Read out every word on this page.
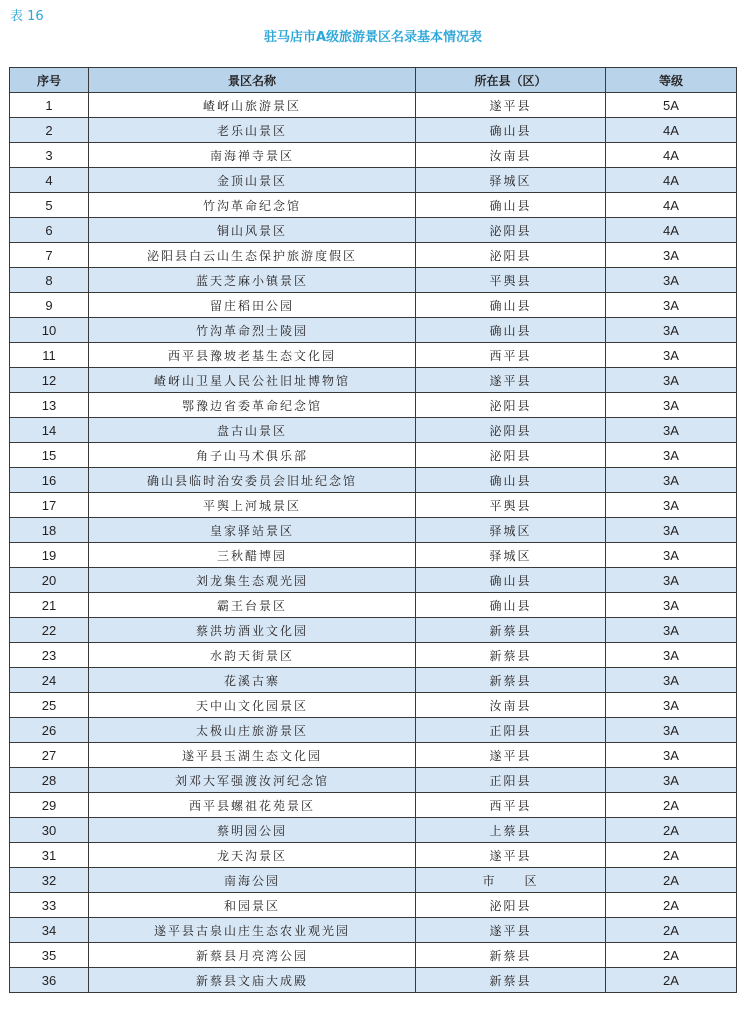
表 16
驻马店市A级旅游景区名录基本情况表
序号	景区名称	所在县（区）	等级
1	嵖岈山旅游景区	遂平县	5A
2	老乐山景区	确山县	4A
3	南海禅寺景区	汝南县	4A
4	金顶山景区	驿城区	4A
5	竹沟革命纪念馆	确山县	4A
6	铜山风景区	泌阳县	4A
7	泌阳县白云山生态保护旅游度假区	泌阳县	3A
8	蓝天芝麻小镇景区	平舆县	3A
9	留庄稻田公园	确山县	3A
10	竹沟革命烈士陵园	确山县	3A
11	西平县豫坡老基生态文化园	西平县	3A
12	嵖岈山卫星人民公社旧址博物馆	遂平县	3A
13	鄂豫边省委革命纪念馆	泌阳县	3A
14	盘古山景区	泌阳县	3A
15	角子山马术俱乐部	泌阳县	3A
16	确山县临时治安委员会旧址纪念馆	确山县	3A
17	平舆上河城景区	平舆县	3A
18	皇家驿站景区	驿城区	3A
19	三秋醋博园	驿城区	3A
20	刘龙集生态观光园	确山县	3A
21	霸王台景区	确山县	3A
22	蔡洪坊酒业文化园	新蔡县	3A
23	水韵天街景区	新蔡县	3A
24	花溪古寨	新蔡县	3A
25	天中山文化园景区	汝南县	3A
26	太极山庄旅游景区	正阳县	3A
27	遂平县玉湖生态文化园	遂平县	3A
28	刘邓大军强渡汝河纪念馆	正阳县	3A
29	西平县螺祖花苑景区	西平县	2A
30	蔡明园公园	上蔡县	2A
31	龙天沟景区	遂平县	2A
32	南海公园	市　　区	2A
33	和园景区	泌阳县	2A
34	遂平县古泉山庄生态农业观光园	遂平县	2A
35	新蔡县月亮湾公园	新蔡县	2A
36	新蔡县文庙大成殿	新蔡县	2A
